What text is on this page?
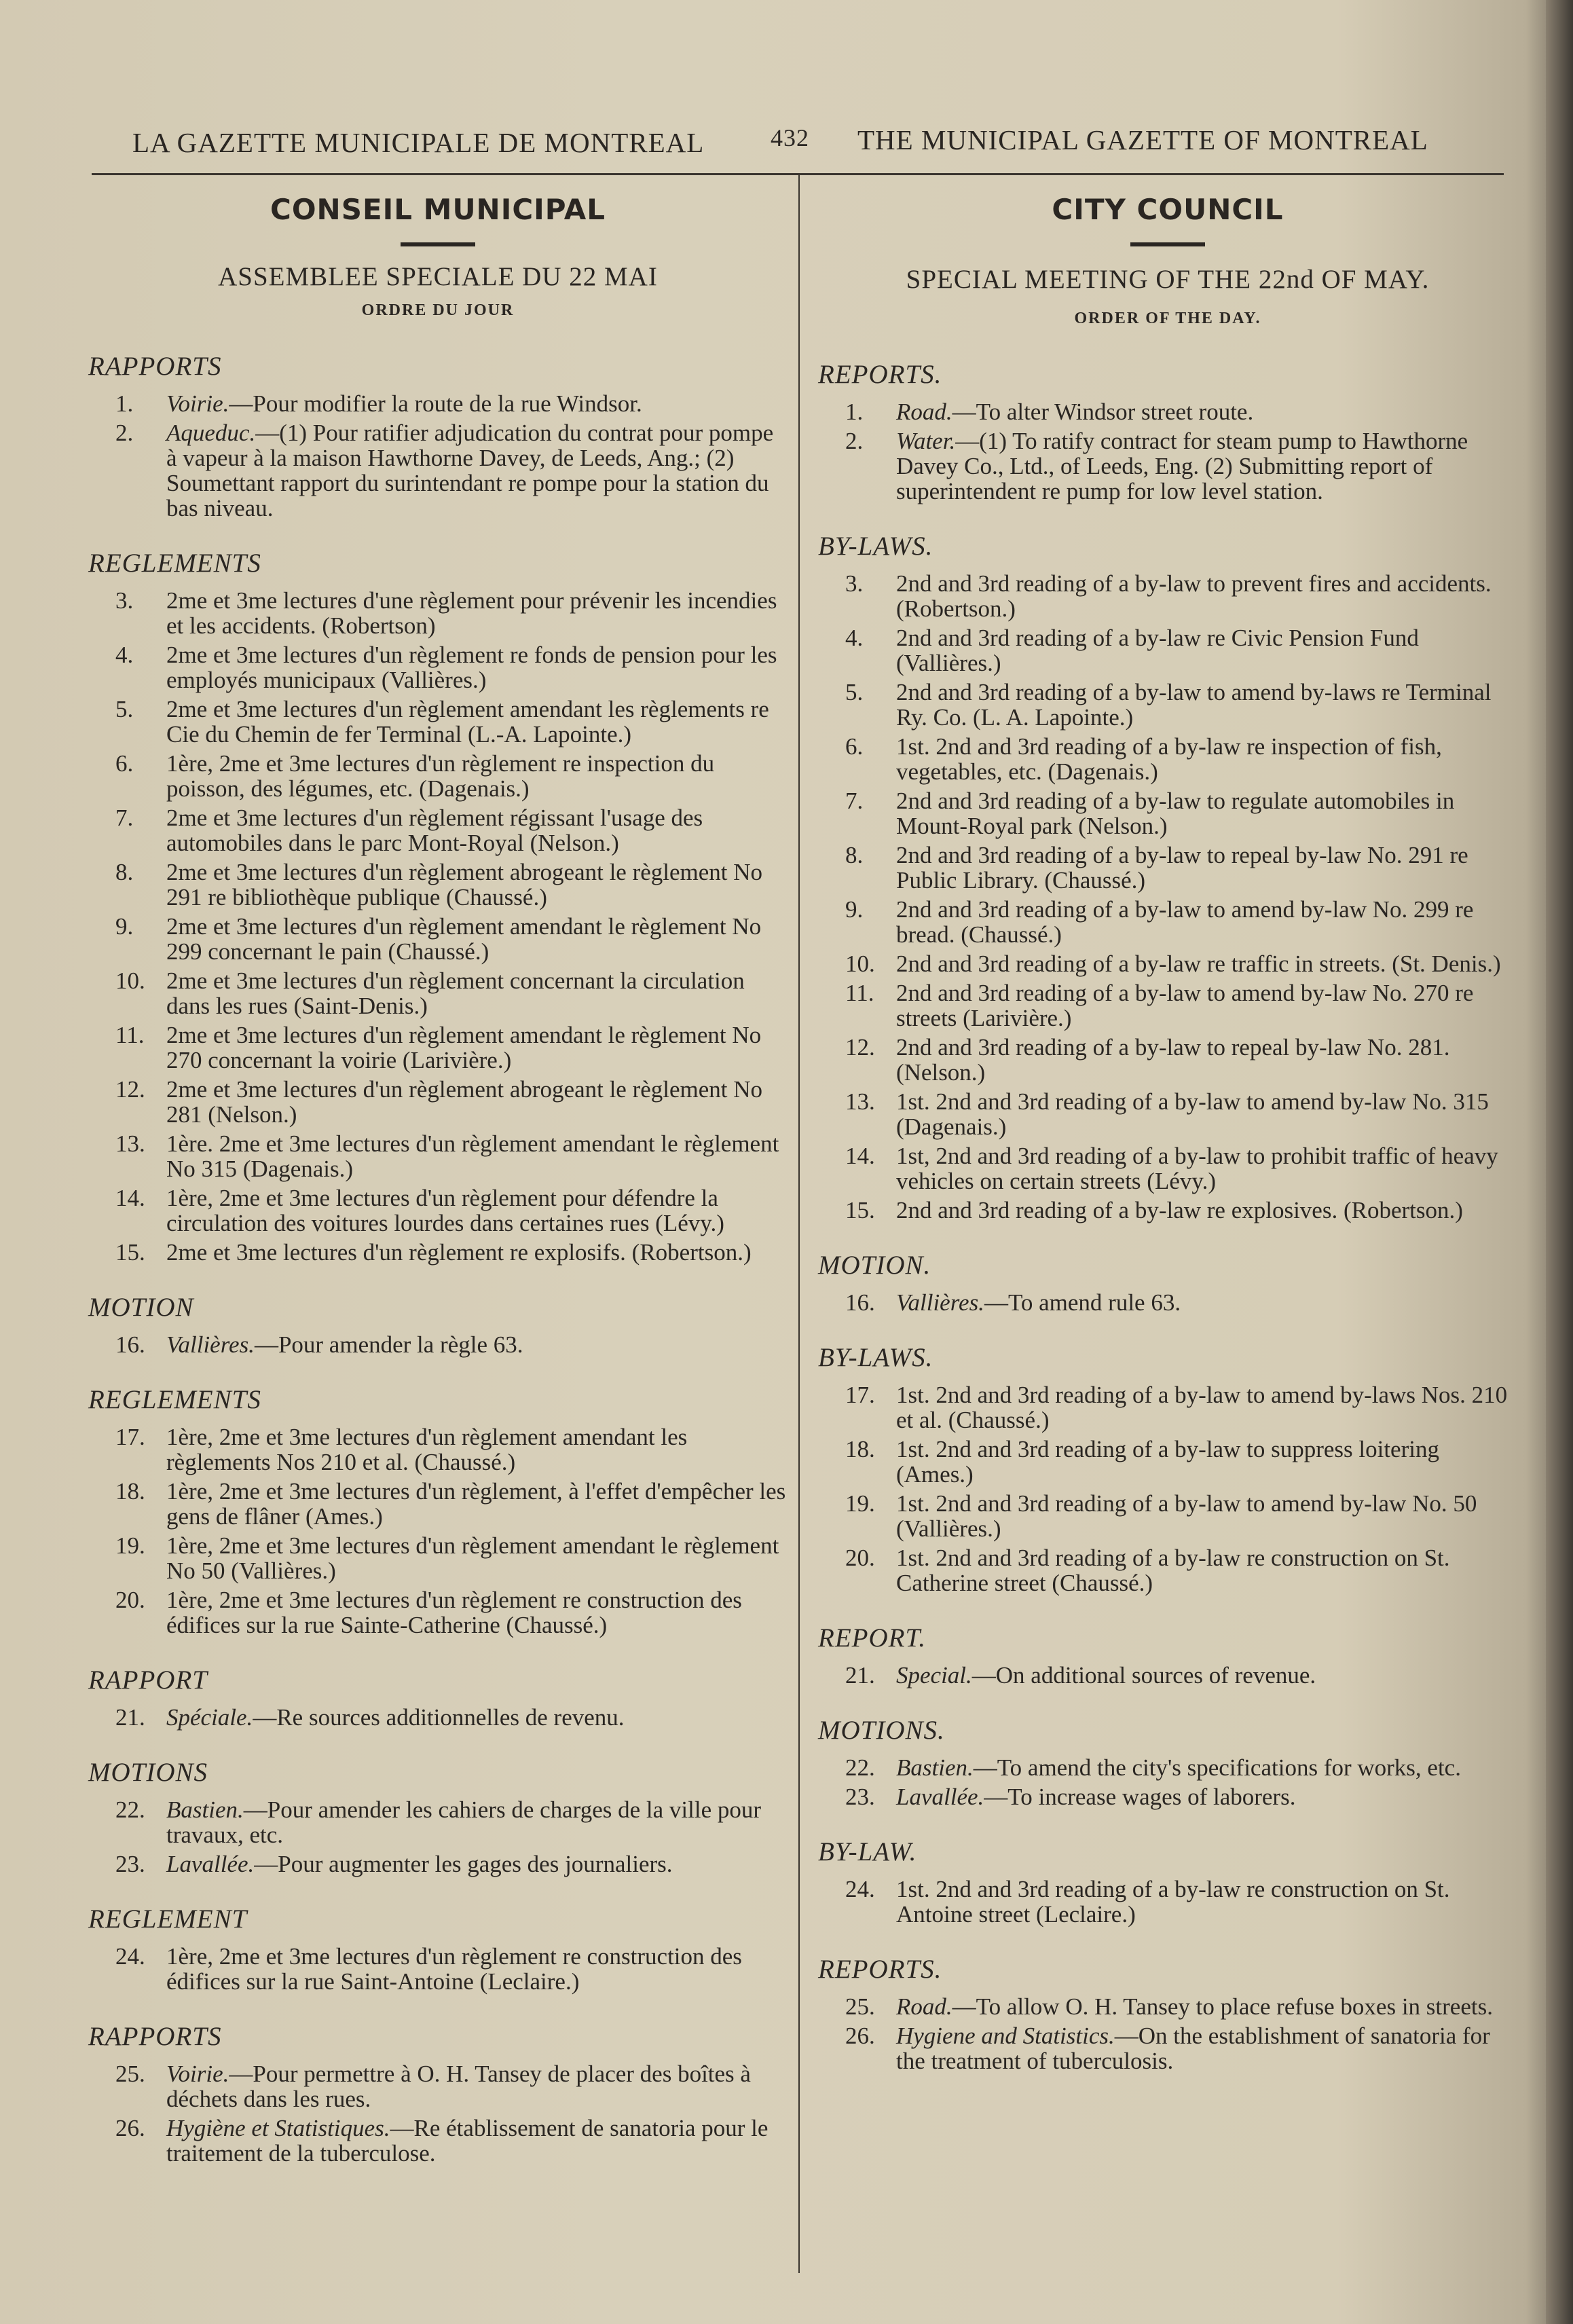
LA GAZETTE MUNICIPALE DE MONTREAL	432 THE MUNICIPAL GAZETTE OF MONTREAL
CONSEIL MUNICIPAL
ASSEMBLEE SPECIALE DU 22 MAI
ORDRE DU JOUR
RAPPORTS
1.	Voirie.—Pour modifier la route de la rue Windsor.
2.	Aqueduc.—(1) Pour ratifier adjudication du contrat pour pompe à vapeur à la maison Hawthorne Davey, de Leeds, Ang.; (2) Soumettant rapport du surintendant re pompe pour la station du bas niveau.
REGLEMENTS
3.	2me et 3me lectures d'une règlement pour prévenir les incendies et les accidents. (Robertson)
4.	2me et 3me lectures d'un règlement re fonds de pension pour les employés municipaux (Vallières.)
5.	2me et 3me lectures d'un règlement amendant les règlements re Cie du Chemin de fer Terminal (L.-A. Lapointe.)
6.	1ère, 2me et 3me lectures d'un règlement re inspection du poisson, des légumes, etc. (Dagenais.)
7.	2me et 3me lectures d'un règlement régissant l'usage des automobiles dans le parc Mont-Royal (Nelson.)
8.	2me et 3me lectures d'un règlement abrogeant le règlement No 291 re bibliothèque publique (Chaussé.)
9.	2me et 3me lectures d'un règlement amendant le règlement No 299 concernant le pain (Chaussé.)
10. 2me et 3me lectures d'un règlement concernant la circulation dans les rues (Saint-Denis.)
11. 2me et 3me lectures d'un règlement amendant le règlement No 270 concernant la voirie (Larivière.)
12. 2me et 3me lectures d'un règlement abrogeant le règlement No 281 (Nelson.)
13. 1ère. 2me et 3me lectures d'un règlement amendant le règlement No 315 (Dagenais.)
14. 1ère, 2me et 3me lectures d'un règlement pour défendre la circulation des voitures lourdes dans certaines rues (Lévy.)
15. 2me et 3me lectures d'un règlement re explosifs. (Robertson.)
MOTION
16. Vallières.—Pour amender la règle 63.
REGLEMENTS
17. 1ère, 2me et 3me lectures d'un règlement amendant les règlements Nos 210 et al. (Chaussé.)
18. 1ère, 2me et 3me lectures d'un règlement, à l'effet d'empêcher les gens de flâner (Ames.)
19. 1ère, 2me et 3me lectures d'un règlement amendant le règlement No 50 (Vallières.)
20. 1ère, 2me et 3me lectures d'un règlement re construction des édifices sur la rue Sainte-Catherine (Chaussé.)
RAPPORT
21. Spéciale.—Re sources additionnelles de revenu.
MOTIONS
22. Bastien.—Pour amender les cahiers de charges de la ville pour travaux, etc.
23. Lavallée.—Pour augmenter les gages des journaliers.
REGLEMENT
24. 1ère, 2me et 3me lectures d'un règlement re construction des édifices sur la rue Saint-Antoine (Leclaire.)
RAPPORTS
25. Voirie.—Pour permettre à O. H. Tansey de placer des boîtes à déchets dans les rues.
26. Hygiène et Statistiques.—Re établissement de sanatoria pour le traitement de la tuberculose.
CITY COUNCIL
SPECIAL MEETING OF THE 22nd OF MAY.
ORDER OF THE DAY.
REPORTS.
1.	Road.—To alter Windsor street route.
2.	Water.—(1) To ratify contract for steam pump to Hawthorne Davey Co., Ltd., of Leeds, Eng. (2) Submitting report of superintendent re pump for low level station.
BY-LAWS.
3.	2nd and 3rd reading of a by-law to prevent fires and accidents. (Robertson.)
4.	2nd and 3rd reading of a by-law re Civic Pension Fund (Vallières.)
5.	2nd and 3rd reading of a by-law to amend by-laws re Terminal Ry. Co. (L. A. Lapointe.)
6.	1st. 2nd and 3rd reading of a by-law re inspection of fish, vegetables, etc. (Dagenais.)
7.	2nd and 3rd reading of a by-law to regulate automobiles in Mount-Royal park (Nelson.)
8.	2nd and 3rd reading of a by-law to repeal by-law No. 291 re Public Library. (Chaussé.)
9.	2nd and 3rd reading of a by-law to amend by-law No. 299 re bread. (Chaussé.)
10. 2nd and 3rd reading of a by-law re traffic in streets. (St. Denis.)
11. 2nd and 3rd reading of a by-law to amend by-law No. 270 re streets (Larivière.)
12. 2nd and 3rd reading of a by-law to repeal by-law No. 281. (Nelson.)
13. 1st. 2nd and 3rd reading of a by-law to amend by-law No. 315 (Dagenais.)
14. 1st, 2nd and 3rd reading of a by-law to prohibit traffic of heavy vehicles on certain streets (Lévy.)
15. 2nd and 3rd reading of a by-law re explosives. (Robertson.)
MOTION.
16. Vallières.—To amend rule 63.
BY-LAWS.
17. 1st. 2nd and 3rd reading of a by-law to amend by-laws Nos. 210 et al. (Chaussé.)
18. 1st. 2nd and 3rd reading of a by-law to suppress loitering (Ames.)
19. 1st. 2nd and 3rd reading of a by-law to amend by-law No. 50 (Vallières.)
20. 1st. 2nd and 3rd reading of a by-law re construction on St. Catherine street (Chaussé.)
REPORT.
21. Special.—On additional sources of revenue.
MOTIONS.
22. Bastien.—To amend the city's specifications for works, etc.
23. Lavallée.—To increase wages of laborers.
BY-LAW.
24. 1st. 2nd and 3rd reading of a by-law re construction on St. Antoine street (Leclaire.)
REPORTS.
25. Road.—To allow O. H. Tansey to place refuse boxes in streets.
26. Hygiene and Statistics.—On the establishment of sanatoria for the treatment of tuberculosis.
